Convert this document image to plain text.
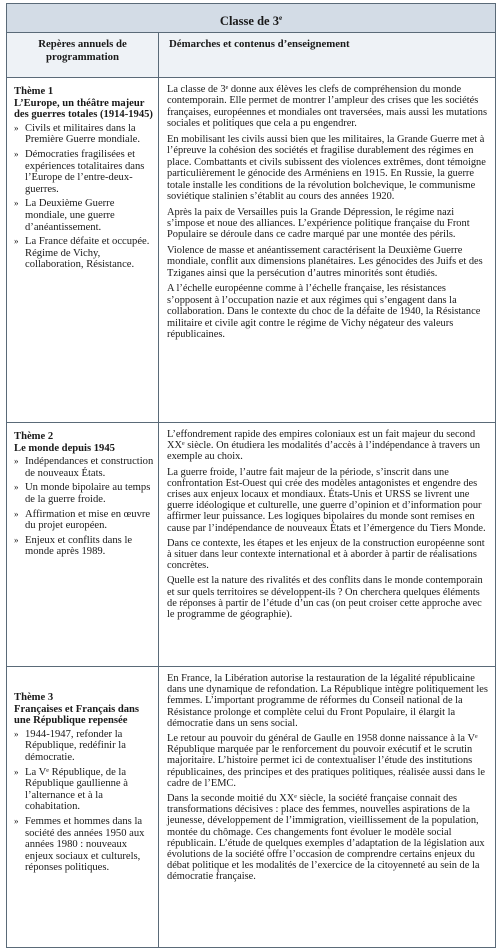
Classe de 3e
Repères annuels de programmation
Démarches et contenus d’enseignement
Thème 1
L’Europe, un théâtre majeur des guerres totales (1914-1945)
» Civils et militaires dans la Première Guerre mondiale.
» Démocraties fragilisées et expériences totalitaires dans l’Europe de l’entre-deux-guerres.
» La Deuxième Guerre mondiale, une guerre d’anéantissement.
» La France défaite et occupée. Régime de Vichy, collaboration, Résistance.

La classe de 3ᵉ donne aux élèves les clefs de compréhension du monde contemporain. Elle permet de montrer l’ampleur des crises que les sociétés françaises, européennes et mondiales ont traversées, mais aussi les mutations sociales et politiques que cela a pu engendrer.

En mobilisant les civils aussi bien que les militaires, la Grande Guerre met à l’épreuve la cohésion des sociétés et fragilise durablement des régimes en place. Combattants et civils subissent des violences extrêmes, dont témoigne particulièrement le génocide des Arméniens en 1915. En Russie, la guerre totale installe les conditions de la révolution bolchevique, le communisme soviétique stalinien s’établit au cours des années 1920.

Après la paix de Versailles puis la Grande Dépression, le régime nazi s’impose et noue des alliances. L’expérience politique française du Front Populaire se déroule dans ce cadre marqué par une montée des périls.

Violence de masse et anéantissement caractérisent la Deuxième Guerre mondiale, conflit aux dimensions planétaires. Les génocides des Juifs et des Tziganes ainsi que la persécution d’autres minorités sont étudiés.

A l’échelle européenne comme à l’échelle française, les résistances s’opposent à l’occupation nazie et aux régimes qui s’engagent dans la collaboration. Dans le contexte du choc de la défaite de 1940, la Résistance militaire et civile agit contre le régime de Vichy négateur des valeurs républicaines.

Thème 2
Le monde depuis 1945
» Indépendances et construction de nouveaux États.
» Un monde bipolaire au temps de la guerre froide.
» Affirmation et mise en œuvre du projet européen.
» Enjeux et conflits dans le monde après 1989.

L’effondrement rapide des empires coloniaux est un fait majeur du second XXᵉ siècle. On étudiera les modalités d’accès à l’indépendance à travers un exemple au choix.

La guerre froide, l’autre fait majeur de la période, s’inscrit dans une confrontation Est-Ouest qui crée des modèles antagonistes et engendre des crises aux enjeux locaux et mondiaux. États-Unis et URSS se livrent une guerre idéologique et culturelle, une guerre d’opinion et d’information pour affirmer leur puissance. Les logiques bipolaires du monde sont remises en cause par l’indépendance de nouveaux États et l’émergence du Tiers Monde.

Dans ce contexte, les étapes et les enjeux de la construction européenne sont à situer dans leur contexte international et à aborder à partir de réalisations concrètes.

Quelle est la nature des rivalités et des conflits dans le monde contemporain et sur quels territoires se développent-ils ? On cherchera quelques éléments de réponses à partir de l’étude d’un cas (on peut croiser cette approche avec le programme de géographie).

Thème 3
Françaises et Français dans une République repensée
» 1944-1947, refonder la République, redéfinir la démocratie.
» La Vᵉ République, de la République gaullienne à l’alternance et à la cohabitation.
» Femmes et hommes dans la société des années 1950 aux années 1980 : nouveaux enjeux sociaux et culturels, réponses politiques.

En France, la Libération autorise la restauration de la légalité républicaine dans une dynamique de refondation. La République intègre politiquement les femmes. L’important programme de réformes du Conseil national de la Résistance prolonge et complète celui du Front Populaire, il élargit la démocratie dans un sens social.

Le retour au pouvoir du général de Gaulle en 1958 donne naissance à la Vᵉ République marquée par le renforcement du pouvoir exécutif et le scrutin majoritaire. L’histoire permet ici de contextualiser l’étude des institutions républicaines, des principes et des pratiques politiques, réalisée aussi dans le cadre de l’EMC.

Dans la seconde moitié du XXᵉ siècle, la société française connait des transformations décisives : place des femmes, nouvelles aspirations de la jeunesse, développement de l’immigration, vieillissement de la population, montée du chômage. Ces changements font évoluer le modèle social républicain. L’étude de quelques exemples d’adaptation de la législation aux évolutions de la société offre l’occasion de comprendre certains enjeux du débat politique et les modalités de l’exercice de la citoyenneté au sein de la démocratie française.
